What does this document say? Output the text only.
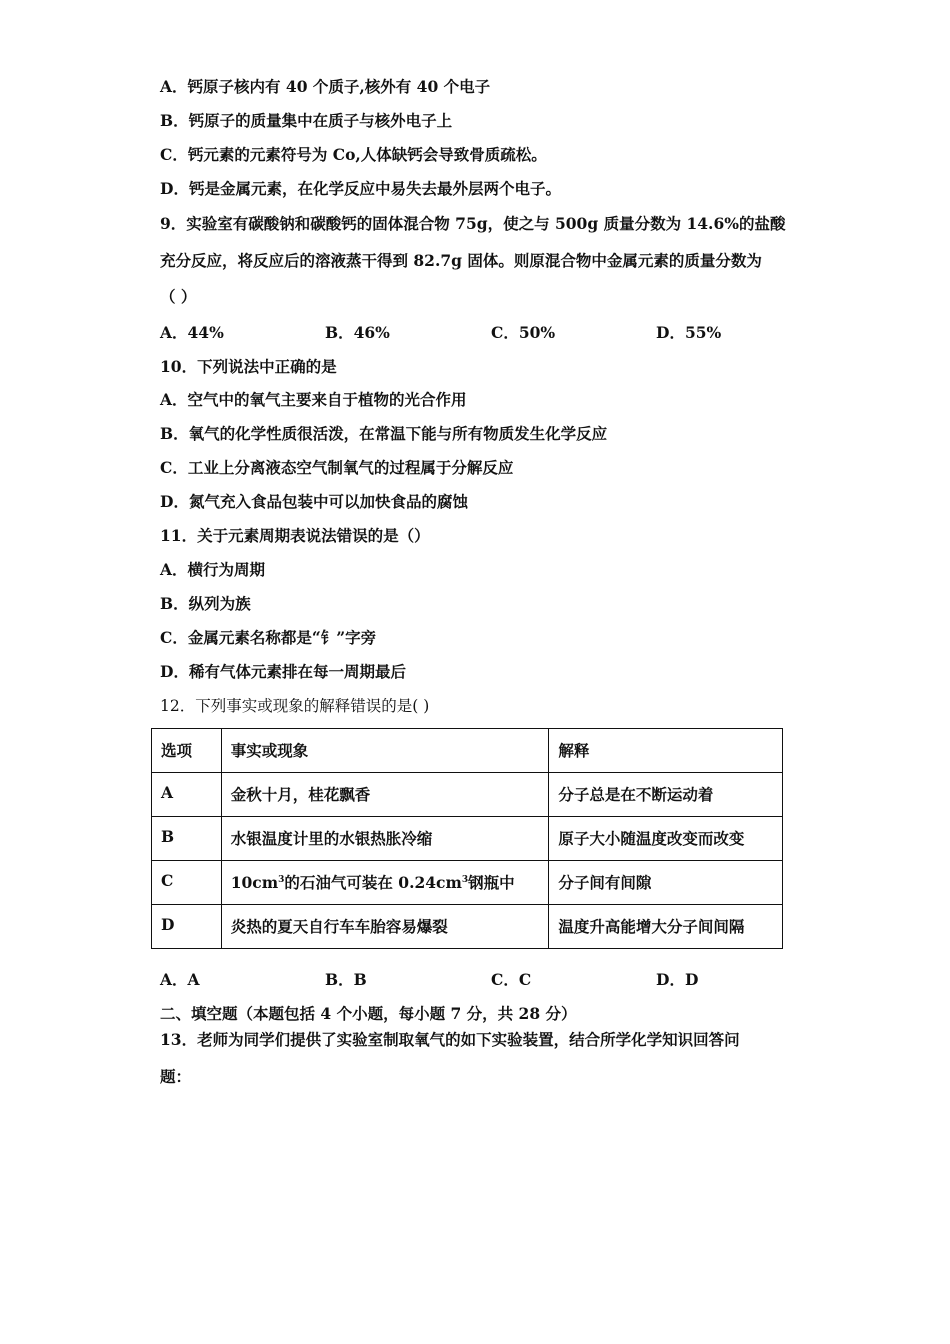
A．钙原子核内有 40 个质子,核外有 40 个电子
B．钙原子的质量集中在质子与核外电子上
C．钙元素的元素符号为 Co,人体缺钙会导致骨质疏松。
D．钙是金属元素，在化学反应中易失去最外层两个电子。
9．实验室有碳酸钠和碳酸钙的固体混合物 75g，使之与 500g 质量分数为 14.6%的盐酸
充分反应，将反应后的溶液蒸干得到 82.7g 固体。则原混合物中金属元素的质量分数为
（ ）
A．44%	B．46%	C．50%	D．55%
10．下列说法中正确的是
A．空气中的氧气主要来自于植物的光合作用
B．氧气的化学性质很活泼，在常温下能与所有物质发生化学反应
C．工业上分离液态空气制氧气的过程属于分解反应
D．氮气充入食品包装中可以加快食品的腐蚀
11．关于元素周期表说法错误的是（）
A．横行为周期
B．纵列为族
C．金属元素名称都是“钅”字旁
D．稀有气体元素排在每一周期最后
12．下列事实或现象的解释错误的是( )
选项	事实或现象	解释
A	金秋十月，桂花飘香	分子总是在不断运动着
B	水银温度计里的水银热胀冷缩	原子大小随温度改变而改变
C	$10cm^3$的石油气可装在 $0.24cm^3$钢瓶中	分子间有间隙
D	炎热的夏天自行车车胎容易爆裂	温度升高能增大分子间间隔
A．A	B．B	C．C	D．D
二、填空题（本题包括 4 个小题，每小题 7 分，共 28 分）
13．老师为同学们提供了实验室制取氧气的如下实验装置，结合所学化学知识回答问
题：
